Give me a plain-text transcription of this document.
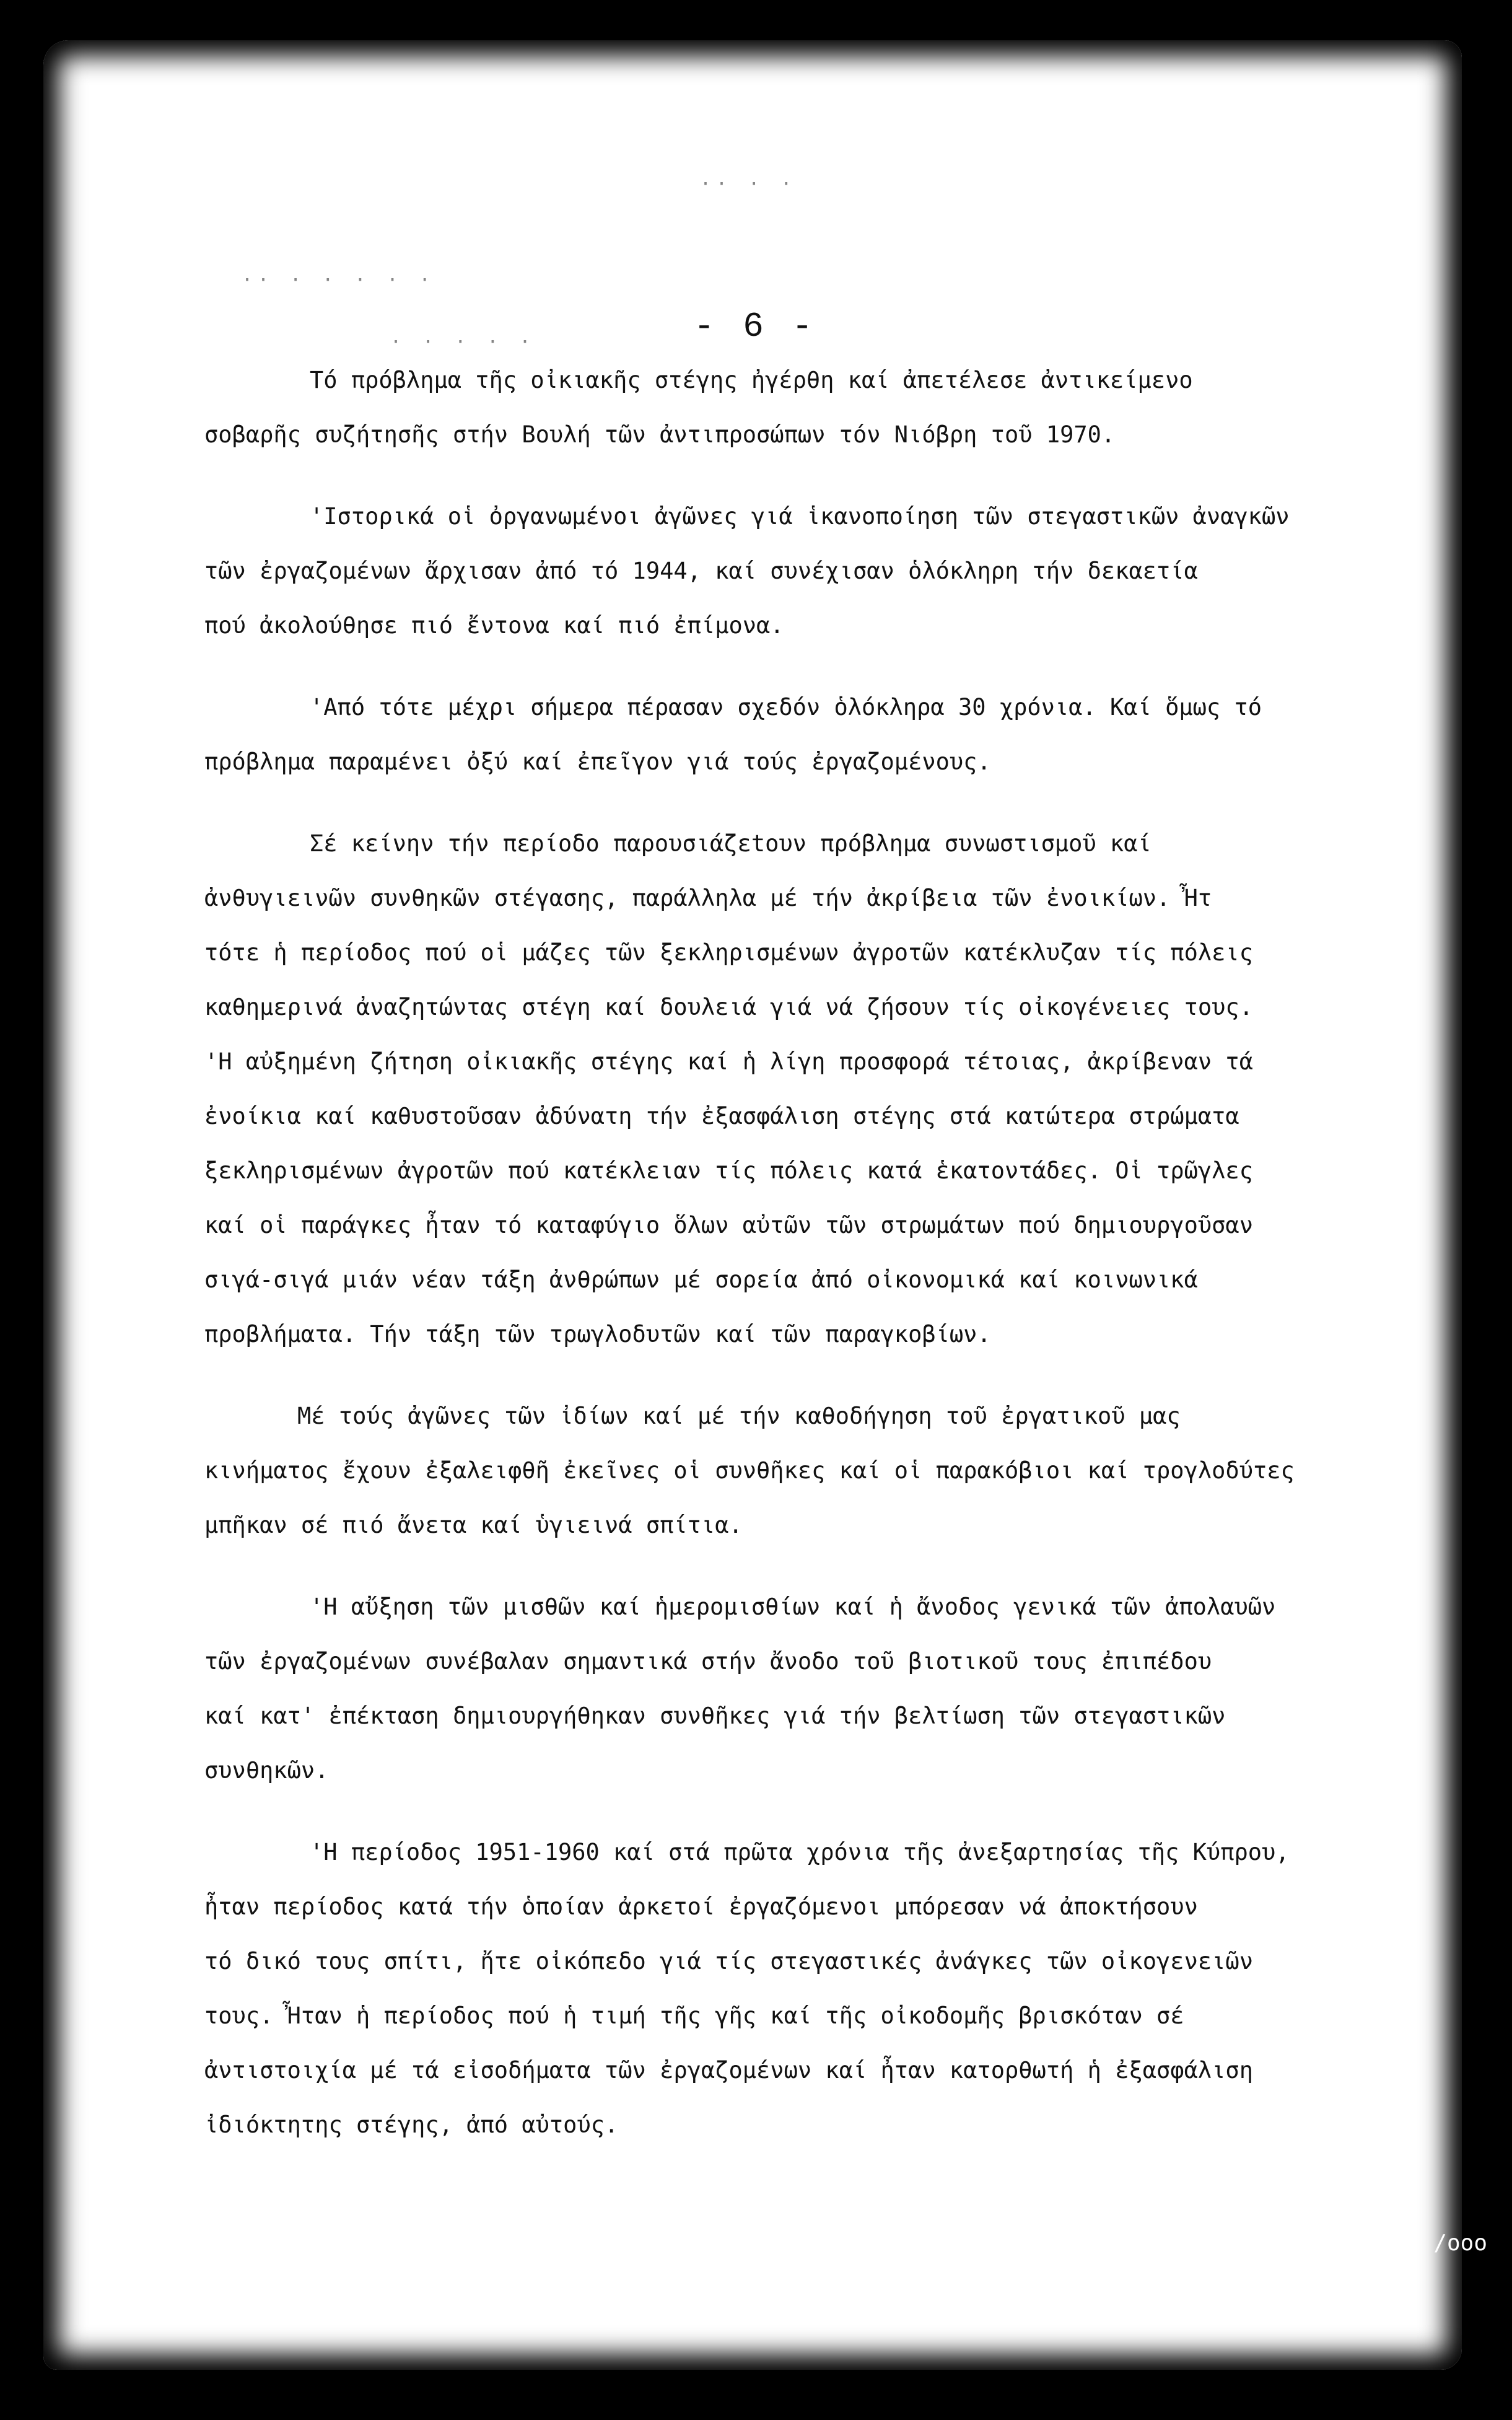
·· · ·
·· · · · · ·
· · · · ·	- 6 -
Τό πρόβλημα τῆς οἰκιακῆς στέγης ἠγέρθη καί ἀπετέλεσε ἀντικείμενο
σοβαρῆς συζήτησῆς στήν Βουλή τῶν ἀντιπροσώπων τόν Νιόβρη τοῦ 1970.
'Ιστορικά οἱ ὀργανωμένοι ἀγῶνες γιά ἱκανοποίηση τῶν στεγαστικῶν ἀναγκῶν
τῶν ἐργαζομένων ἄρχισαν ἀπό τό 1944, καί συνέχισαν ὁλόκληρη τήν δεκαετία
πού ἀκολούθησε πιό ἔντονα καί πιό ἐπίμονα.
'Από τότε μέχρι σήμερα πέρασαν σχεδόν ὁλόκληρα 30 χρόνια. Καί ὅμως τό
πρόβλημα παραμένει ὀξύ καί ἐπεῖγον γιά τούς ἐργαζομένους.
Σέ κείνην τήν περίοδο παρουσιάζεtουν πρόβλημα συνωστισμοῦ καί
ἀνθυγιεινῶν συνθηκῶν στέγασης, παράλληλα μέ τήν ἀκρίβεια τῶν ἐνοικίων. Ἦτ
τότε ἡ περίοδος πού οἱ μάζες τῶν ξεκληρισμένων ἀγροτῶν κατέκλυζαν τίς πόλεις
καθημερινά ἀναζητώντας στέγη καί δουλειά γιά νά ζήσουν τίς οἰκογένειες τους.
'Η αὐξημένη ζήτηση οἰκιακῆς στέγης καί ἡ λίγη προσφορά τέτοιας, ἀκρίβεναν τά
ἐνοίκια καί καθυστοῦσαν ἀδύνατη τήν ἐξασφάλιση στέγης στά κατώτερα στρώματα
ξεκληρισμένων ἀγροτῶν πού κατέκλειαν τίς πόλεις κατά ἑκατοντάδες. Οἱ τρῶγλες
καί οἱ παράγκες ἦταν τό καταφύγιο ὅλων αὐτῶν τῶν στρωμάτων πού δημιουργοῦσαν
σιγά-σιγά μιάν νέαν τάξη ἀνθρώπων μέ σορεία ἀπό οἰκονομικά καί κοινωνικά
προβλήματα. Τήν τάξη τῶν τρωγλοδυτῶν καί τῶν παραγκοβίων.
Μέ τούς ἀγῶνες τῶν ἰδίων καί μέ τήν καθοδήγηση τοῦ ἐργατικοῦ μας
κινήματος ἔχουν ἐξαλειφθῆ ἐκεῖνες οἱ συνθῆκες καί οἱ παρακόβιοι καί τρογλοδύτες
μπῆκαν σέ πιό ἄνετα καί ὑγιεινά σπίτια.
'Η αὔξηση τῶν μισθῶν καί ἡμερομισθίων καί ἡ ἄνοδος γενικά τῶν ἀπολαυῶν
τῶν ἐργαζομένων συνέβαλαν σημαντικά στήν ἄνοδο τοῦ βιοτικοῦ τους ἐπιπέδου
καί κατ' ἐπέκταση δημιουργήθηκαν συνθῆκες γιά τήν βελτίωση τῶν στεγαστικῶν
συνθηκῶν.
'Η περίοδος 1951-1960 καί στά πρῶτα χρόνια τῆς ἀνεξαρτησίας τῆς Κύπρου,
ἦταν περίοδος κατά τήν ὁποίαν ἀρκετοί ἐργαζόμενοι μπόρεσαν νά ἀποκτήσουν
τό δικό τους σπίτι, ἤτε οἰκόπεδο γιά τίς στεγαστικές ἀνάγκες τῶν οἰκογενειῶν
τους. Ἦταν ἡ περίοδος πού ἡ τιμή τῆς γῆς καί τῆς οἰκοδομῆς βρισκόταν σέ
ἀντιστοιχία μέ τά εἰσοδήματα τῶν ἐργαζομένων καί ἦταν κατορθωτή ἡ ἐξασφάλιση
ἰδιόκτητης στέγης, ἀπό αὐτούς.
/ooo
